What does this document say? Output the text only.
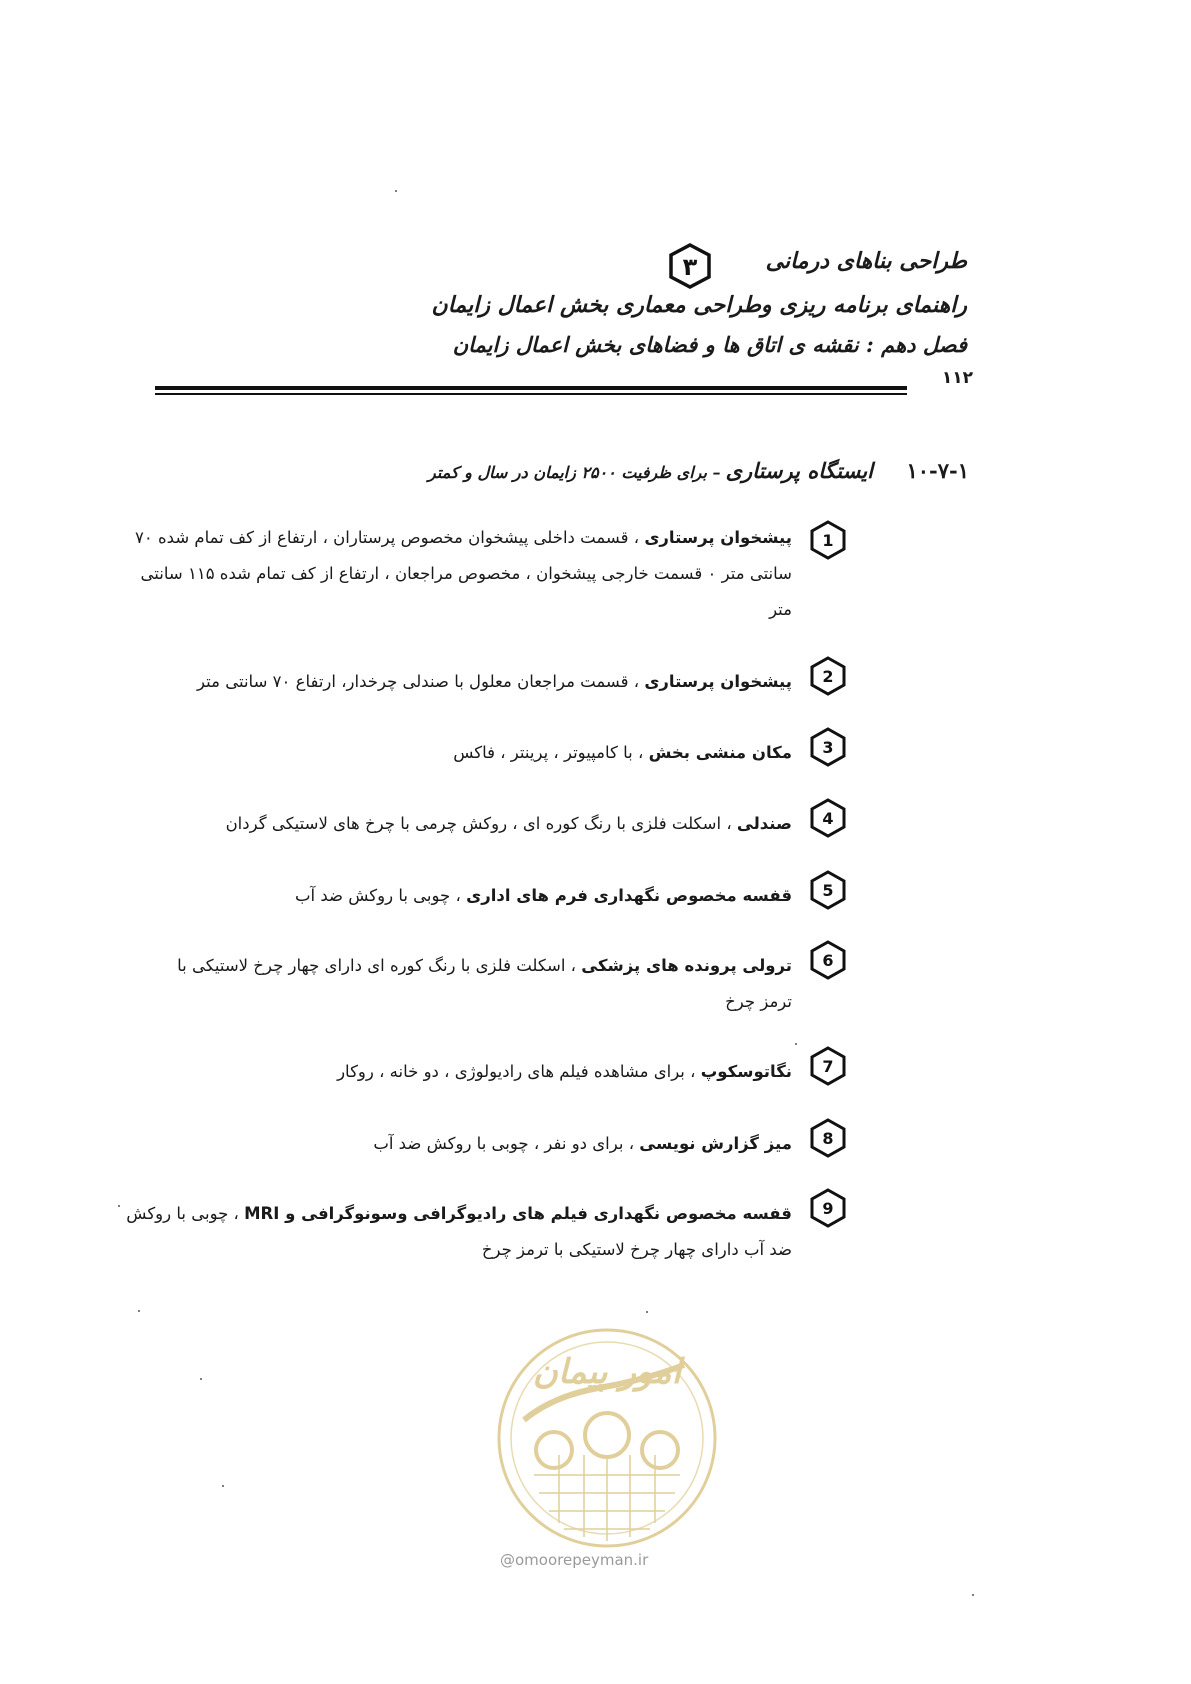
طراحی بناهای درمانی
۳
راهنمای برنامه ریزی وطراحی معماری بخش اعمال زایمان
فصل دهم : نقشه ی اتاق ها و فضاهای بخش اعمال زایمان
۱۱۲
۱۰-۷-۱
ایستگاه پرستاری – برای ظرفیت ۲۵۰۰ زایمان در سال و کمتر
1
پیشخوان پرستاری ، قسمت داخلی پیشخوان مخصوص پرستاران ، ارتفاع از کف تمام شده ۷۰ سانتی متر ۰ قسمت خارجی پیشخوان ، مخصوص مراجعان ، ارتفاع از کف تمام شده ۱۱۵ سانتی متر
2
پیشخوان پرستاری ، قسمت مراجعان معلول با صندلی چرخدار، ارتفاع ۷۰ سانتی متر
3
مکان منشی بخش ، با کامپیوتر ، پرینتر ، فاکس
4
صندلی ، اسکلت فلزی با رنگ کوره ای ، روکش چرمی با چرخ های لاستیکی گردان
5
قفسه مخصوص نگهداری فرم های اداری ، چوبی با روکش ضد آب
6
ترولی پرونده های پزشکی ، اسکلت فلزی با رنگ کوره ای دارای چهار چرخ لاستیکی با ترمز چرخ
7
نگاتوسکوپ ، برای مشاهده فیلم های رادیولوژی ، دو خانه ، روکار
8
میز گزارش نویسی ، برای دو نفر ، چوبی با روکش ضد آب
9
قفسه مخصوص نگهداری فیلم های رادیوگرافی وسونوگرافی و MRI ، چوبی با روکش ضد آب دارای چهار چرخ لاستیکی با ترمز چرخ
امور پیمان
@omoorepeyman.ir
